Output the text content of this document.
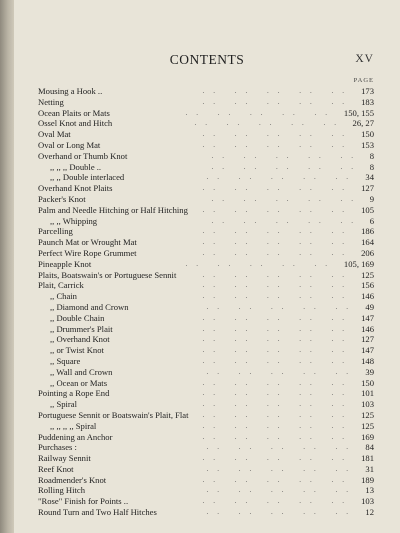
CONTENTS	XV
PAGE
Mousing a Hook ..	.. .. .. .. .. 173
Netting	.. .. .. .. .. 183
Ocean Plaits or Mats	.. .. .. .. .. 150, 155
Ossel Knot and Hitch	.. .. .. .. .. 26, 27
Oval Mat	.. .. .. .. .. 150
Oval or Long Mat	.. .. .. .. .. 153
Overhand or Thumb Knot	.. .. .. .. .. 8
,, ,, ,, Double ..	.. .. .. .. .. 8
,, ,, Double interlaced	.. .. .. .. .. 34
Overhand Knot Plaits	.. .. .. .. .. 127
Packer's Knot	.. .. .. .. .. 9
Palm and Needle Hitching or Half Hitching	.. .. .. .. .. 105
,, ,, Whipping	.. .. .. .. .. 6
Parcelling	.. .. .. .. .. 186
Paunch Mat or Wrought Mat	.. .. .. .. .. 164
Perfect Wire Rope Grummet	.. .. .. .. .. 206
Pineapple Knot	.. .. .. .. .. 105, 169
Plaits, Boatswain's or Portuguese Sennit	.. .. .. .. .. 125
Plait, Carrick	.. .. .. .. .. 156
,, Chain	.. .. .. .. .. 146
,, Diamond and Crown	.. .. .. .. .. 49
,, Double Chain	.. .. .. .. .. 147
,, Drummer's Plait	.. .. .. .. .. 146
,, Overhand Knot	.. .. .. .. .. 127
,, or Twist Knot	.. .. .. .. .. 147
,, Square	.. .. .. .. .. 148
,, Wall and Crown	.. .. .. .. .. 39
,, Ocean or Mats	.. .. .. .. .. 150
Pointing a Rope End	.. .. .. .. .. 101
,, Spiral	.. .. .. .. .. 103
Portuguese Sennit or Boatswain's Plait, Flat	.. .. .. .. .. 125
,, ,, ,, ,, Spiral	.. .. .. .. .. 125
Puddening an Anchor	.. .. .. .. .. 169
Purchases :	.. .. .. .. .. 84
Railway Sennit	.. .. .. .. .. 181
Reef Knot	.. .. .. .. .. 31
Roadmender's Knot	.. .. .. .. .. 189
Rolling Hitch	.. .. .. .. .. 13
"Rose" Finish for Points ..	.. .. .. .. .. 103
Round Turn and Two Half Hitches	.. .. .. .. .. 12
